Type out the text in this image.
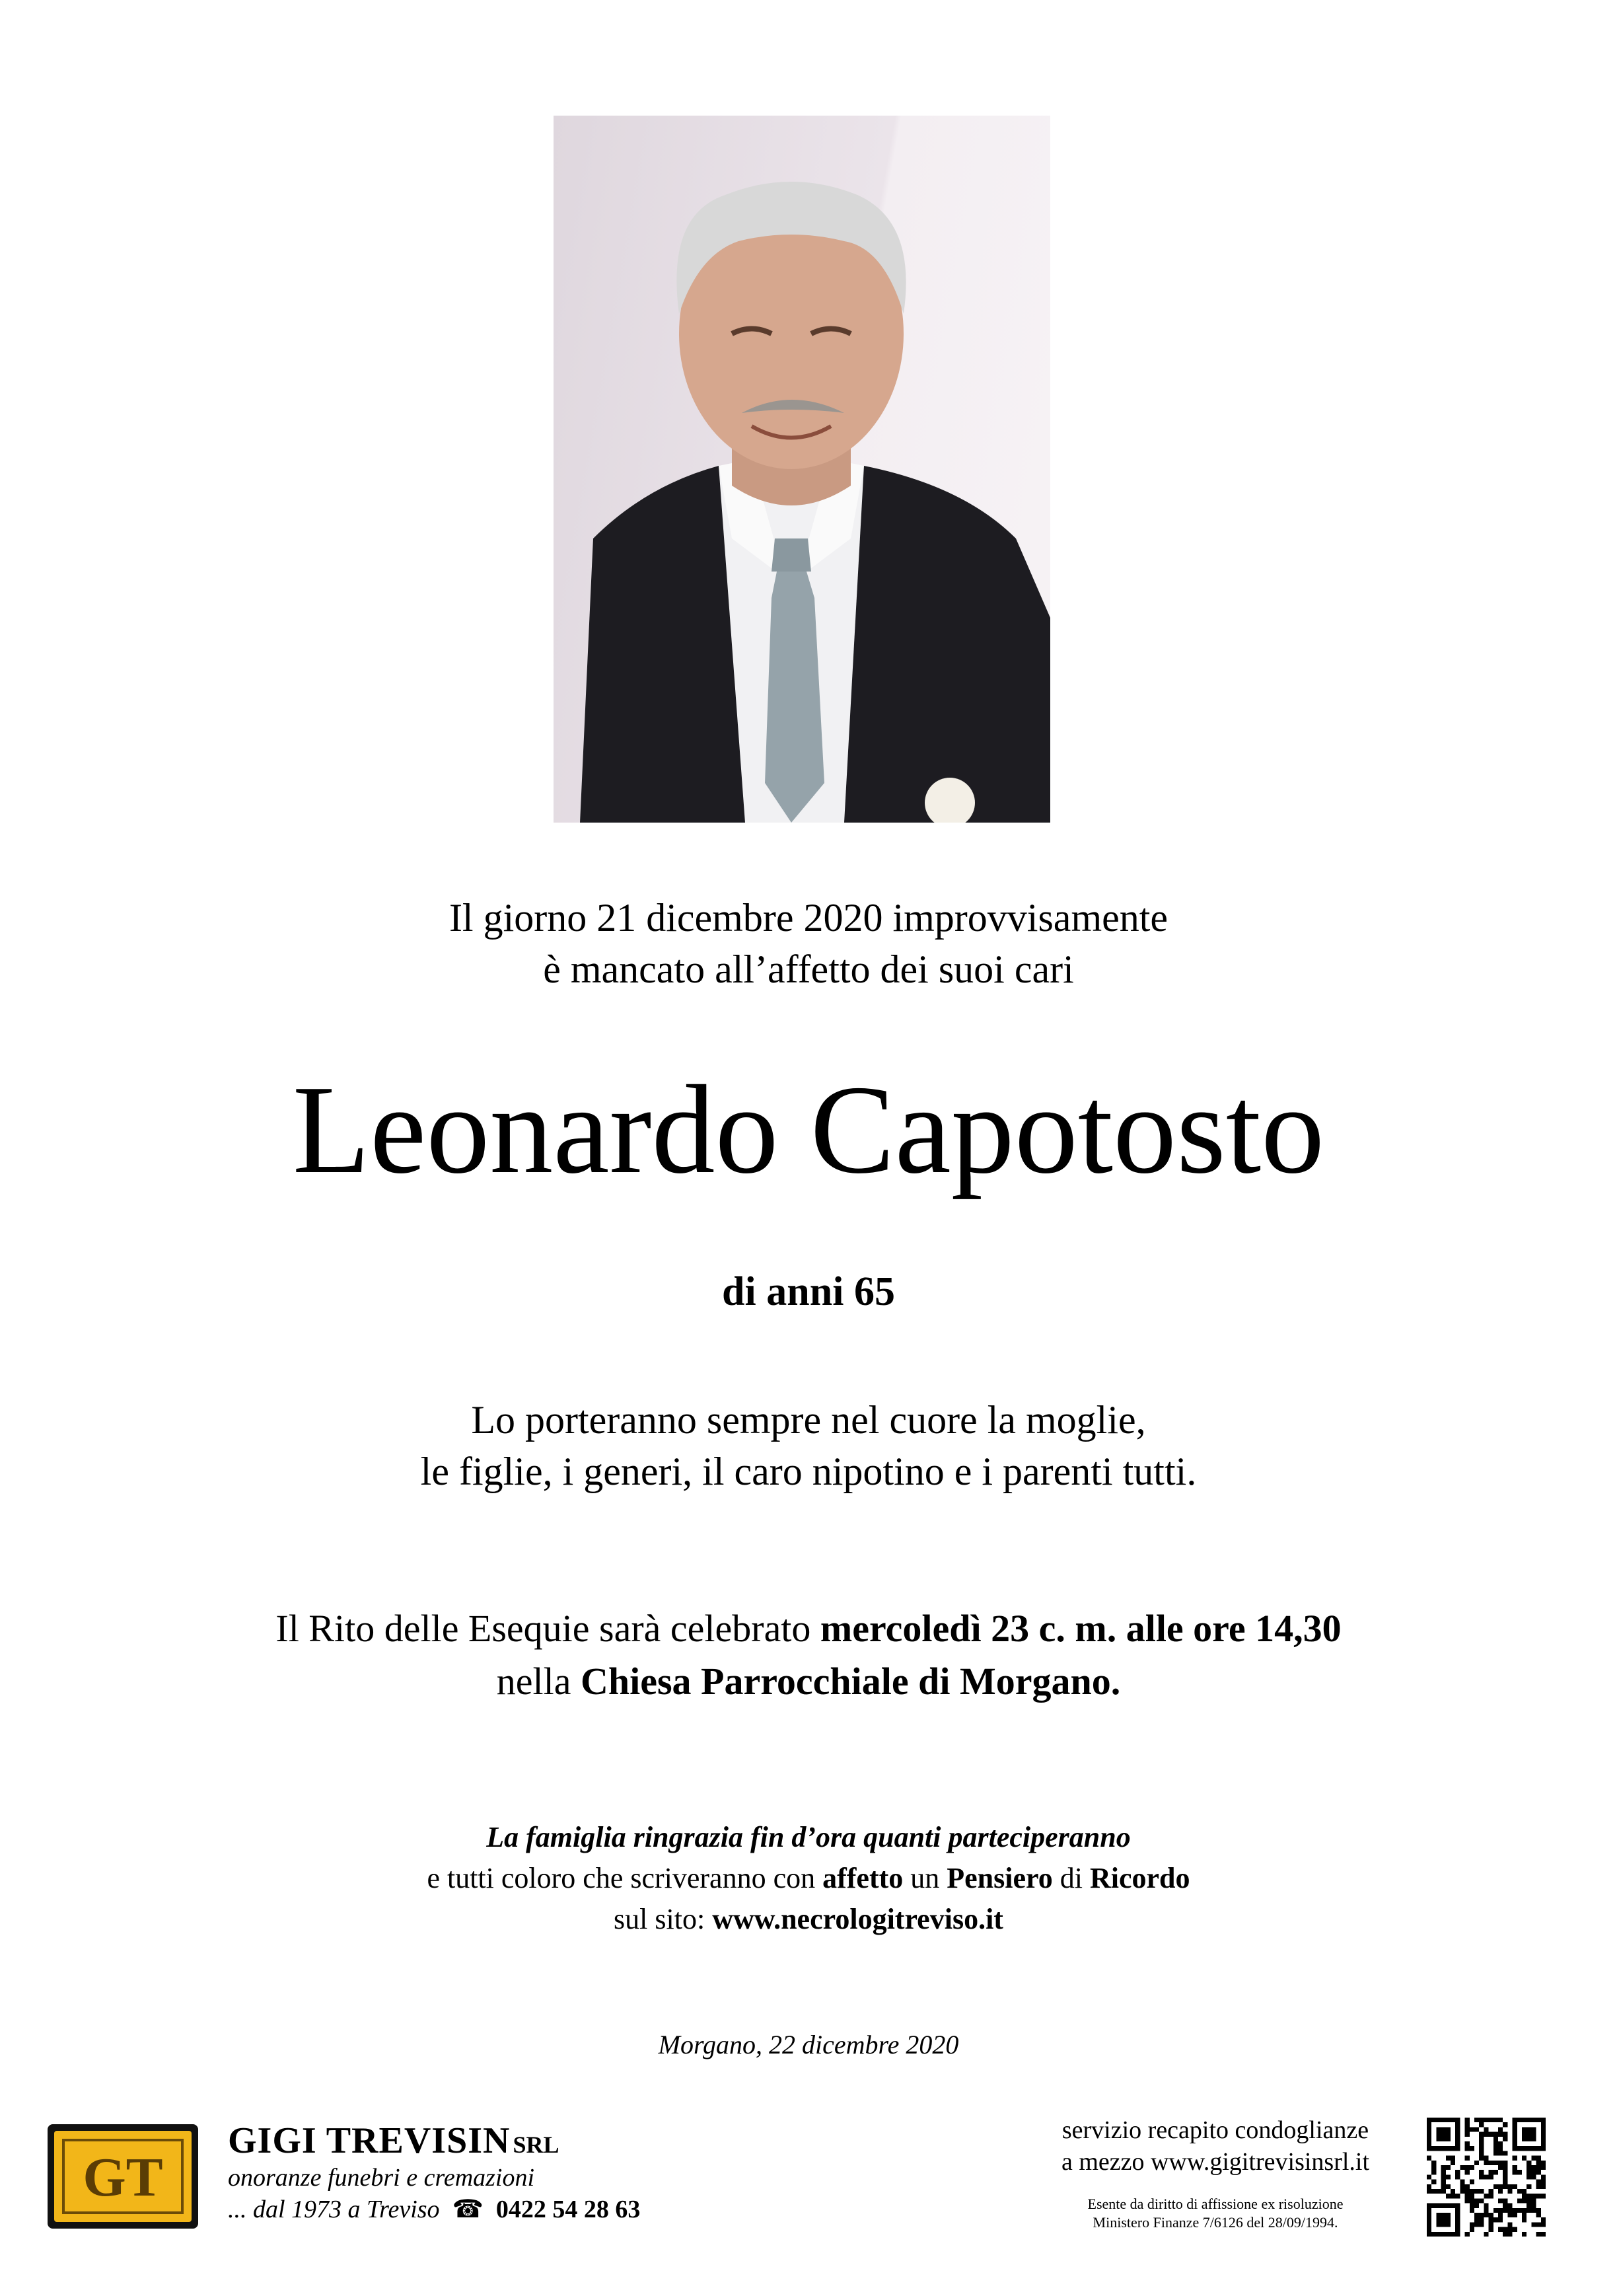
Il giorno 21 dicembre 2020 improvvisamente
è mancato all’affetto dei suoi cari
Leonardo Capotosto
di anni 65
Lo porteranno sempre nel cuore la moglie,
le figlie, i generi, il caro nipotino e i parenti tutti.
Il Rito delle Esequie sarà celebrato mercoledì 23 c. m. alle ore 14,30
nella Chiesa Parrocchiale di Morgano.
La famiglia ringrazia fin d’ora quanti parteciperanno
e tutti coloro che scriveranno con affetto un Pensiero di Ricordo
sul sito: www.necrologitreviso.it
Morgano, 22 dicembre 2020
GT
GIGI TREVISIN SRL
onoranze funebri e cremazioni
... dal 1973 a Treviso  ☎  0422 54 28 63
servizio recapito condoglianze
a mezzo www.gigitrevisinsrl.it
Esente da diritto di affissione ex risoluzione
Ministero Finanze 7/6126 del 28/09/1994.
